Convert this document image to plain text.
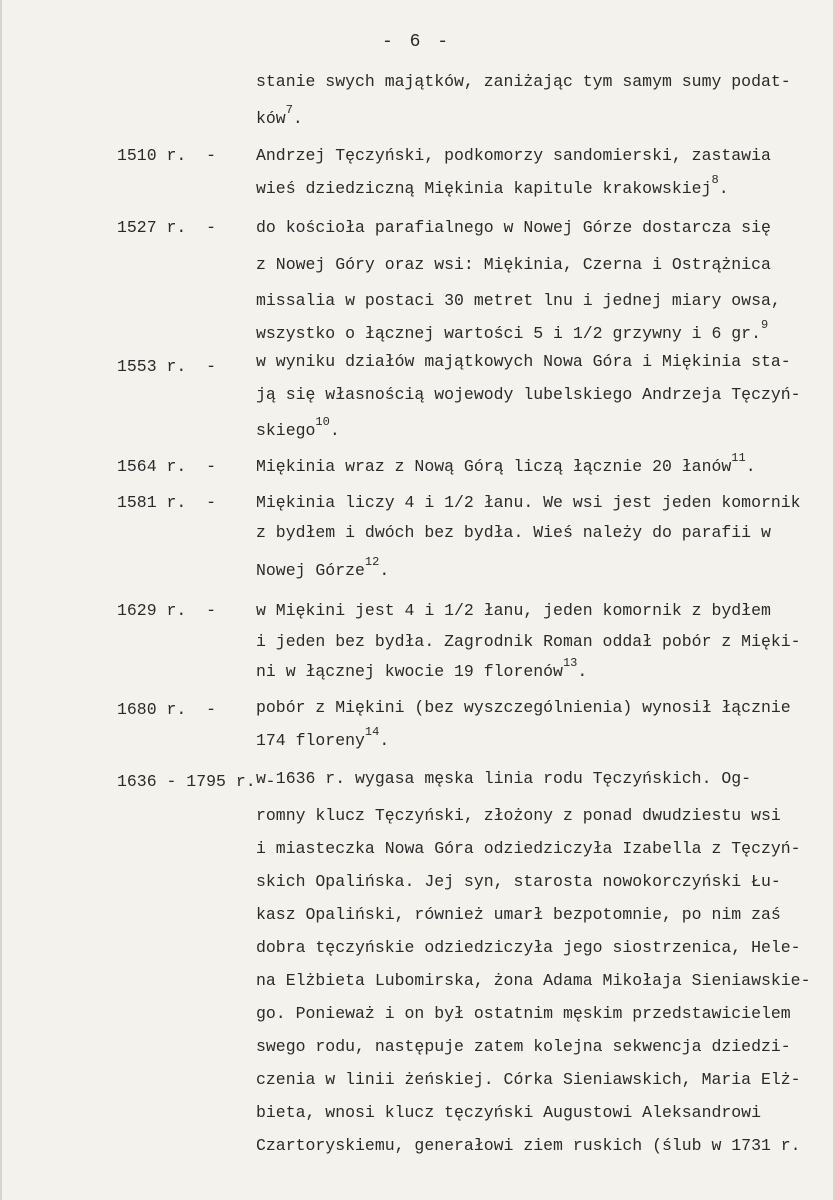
- 6 -
stanie swych majątków, zaniżając tym samym sumy podat-
ków$^7$.
1510 r.  - Andrzej Tęczyński, podkomorzy sandomierski, zastawia
wieś dziedziczną Miękinia kapitule krakowskiej$^8$.
1527 r.  - do kościoła parafialnego w Nowej Górze dostarcza się
z Nowej Góry oraz wsi: Miękinia, Czerna i Ostrążnica
missalia w postaci 30 metret lnu i jednej miary owsa,
wszystko o łącznej wartości 5 i 1/2 grzywny i 6 gr.$^9$
1553 r.  - w wyniku działów majątkowych Nowa Góra i Miękinia sta-
ją się własnością wojewody lubelskiego Andrzeja Tęczyń-
skiego$^{10}$.
1564 r.  - Miękinia wraz z Nową Górą liczą łącznie 20 łanów$^{11}$.
1581 r.  - Miękinia liczy 4 i 1/2 łanu. We wsi jest jeden komornik
z bydłem i dwóch bez bydła. Wieś należy do parafii w
Nowej Górze$^{12}$.
1629 r.  - w Miękini jest 4 i 1/2 łanu, jeden komornik z bydłem
i jeden bez bydła. Zagrodnik Roman oddał pobór z Mięki-
ni w łącznej kwocie 19 florenów$^{13}$.
1680 r.  - pobór z Miękini (bez wyszczególnienia) wynosił łącznie
174 floreny$^{14}$.
1636 - 1795 r. -
w 1636 r. wygasa męska linia rodu Tęczyńskich. Og-
romny klucz Tęczyński, złożony z ponad dwudziestu wsi
i miasteczka Nowa Góra odziedziczyła Izabella z Tęczyń-
skich Opalińska. Jej syn, starosta nowokorczyński Łu-
kasz Opaliński, również umarł bezpotomnie, po nim zaś
dobra tęczyńskie odziedziczyła jego siostrzenica, Hele-
na Elżbieta Lubomirska, żona Adama Mikołaja Sieniawskie-
go. Ponieważ i on był ostatnim męskim przedstawicielem
swego rodu, następuje zatem kolejna sekwencja dziedzi-
czenia w linii żeńskiej. Córka Sieniawskich, Maria Elż-
bieta, wnosi klucz tęczyński Augustowi Aleksandrowi
Czartoryskiemu, generałowi ziem ruskich (ślub w 1731 r.
